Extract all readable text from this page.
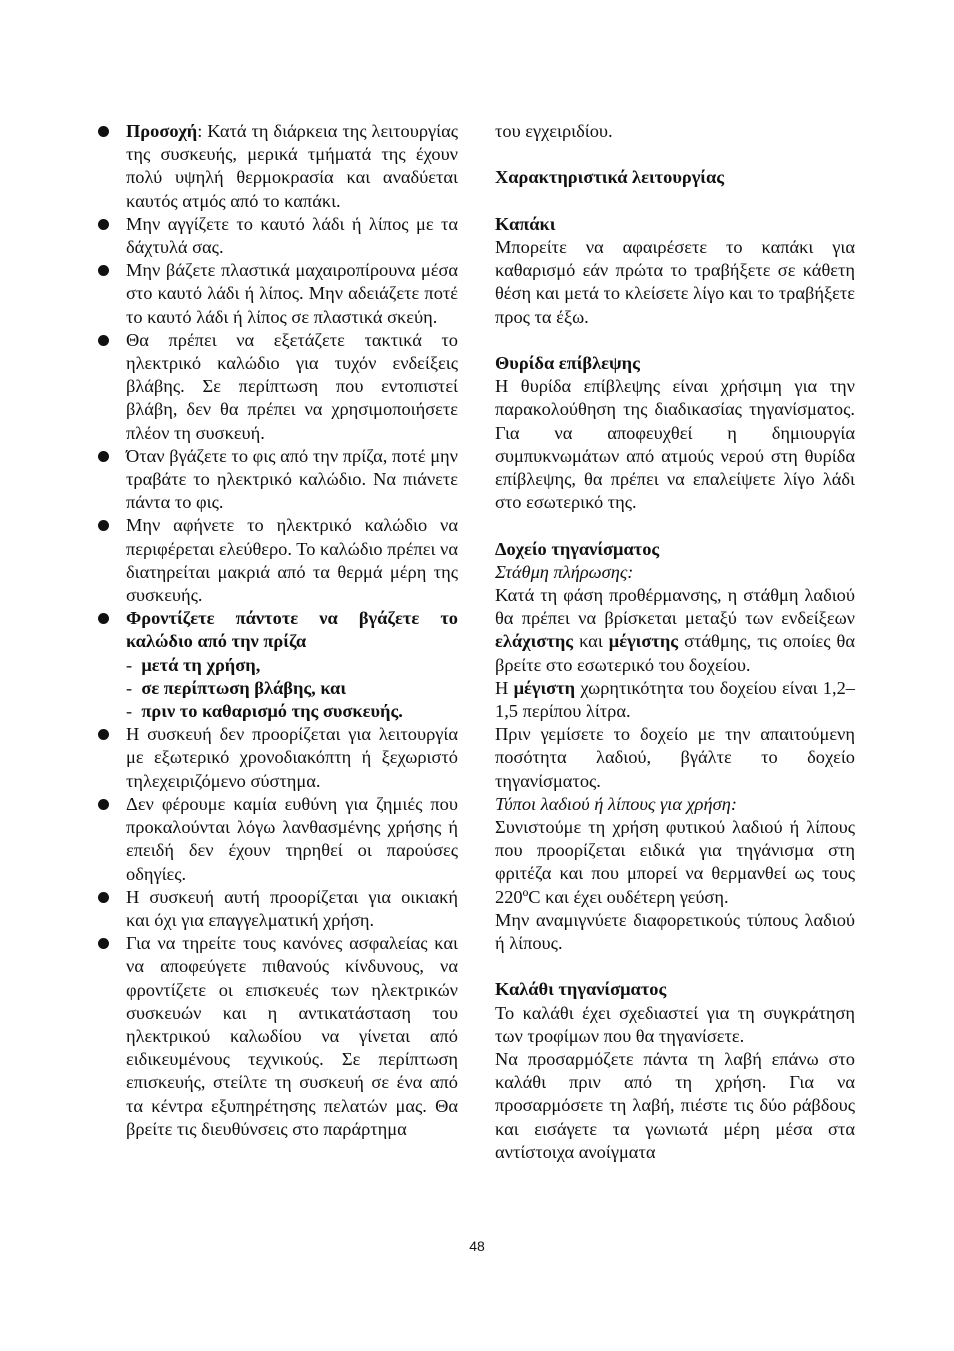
Προσοχή: Κατά τη διάρκεια της λειτουργίας της συσκευής, μερικά τμήματά της έχουν πολύ υψηλή θερμοκρασία και αναδύεται καυτός ατμός από το καπάκι.
Μην αγγίζετε το καυτό λάδι ή λίπος με τα δάχτυλά σας.
Μην βάζετε πλαστικά μαχαιροπίρουνα μέσα στο καυτό λάδι ή λίπος. Μην αδειάζετε ποτέ το καυτό λάδι ή λίπος σε πλαστικά σκεύη.
Θα πρέπει να εξετάζετε τακτικά το ηλεκτρικό καλώδιο για τυχόν ενδείξεις βλάβης. Σε περίπτωση που εντοπιστεί βλάβη, δεν θα πρέπει να χρησιμοποιήσετε πλέον τη συσκευή.
Όταν βγάζετε το φις από την πρίζα, ποτέ μην τραβάτε το ηλεκτρικό καλώδιο. Να πιάνετε πάντα το φις.
Μην αφήνετε το ηλεκτρικό καλώδιο να περιφέρεται ελεύθερο. Το καλώδιο πρέπει να διατηρείται μακριά από τα θερμά μέρη της συσκευής.
Φροντίζετε πάντοτε να βγάζετε το καλώδιο από την πρίζα
-  μετά τη χρήση,
-  σε περίπτωση βλάβης, και
-  πριν το καθαρισμό της συσκευής.
Η συσκευή δεν προορίζεται για λειτουργία με εξωτερικό χρονοδιακόπτη ή ξεχωριστό τηλεχειριζόμενο σύστημα.
Δεν φέρουμε καμία ευθύνη για ζημιές που προκαλούνται λόγω λανθασμένης χρήσης ή επειδή δεν έχουν τηρηθεί οι παρούσες οδηγίες.
Η συσκευή αυτή προορίζεται για οικιακή και όχι για επαγγελματική χρήση.
Για να τηρείτε τους κανόνες ασφαλείας και να αποφεύγετε πιθανούς κίνδυνους, να φροντίζετε οι επισκευές των ηλεκτρικών συσκευών και η αντικατάσταση του ηλεκτρικού καλωδίου να γίνεται από ειδικευμένους τεχνικούς. Σε περίπτωση επισκευής, στείλτε τη συσκευή σε ένα από τα κέντρα εξυπηρέτησης πελατών μας. Θα βρείτε τις διευθύνσεις στο παράρτημα

του εγχειριδίου.

Χαρακτηριστικά λειτουργίας

Καπάκι

Μπορείτε να αφαιρέσετε το καπάκι για καθαρισμό εάν πρώτα το τραβήξετε σε κάθετη θέση και μετά το κλείσετε λίγο και το τραβήξετε προς τα έξω.

Θυρίδα επίβλεψης

Η θυρίδα επίβλεψης είναι χρήσιμη για την παρακολούθηση της διαδικασίας τηγανίσματος. Για να αποφευχθεί η δημιουργία συμπυκνωμάτων από ατμούς νερού στη θυρίδα επίβλεψης, θα πρέπει να επαλείψετε λίγο λάδι στο εσωτερικό της.

Δοχείο τηγανίσματος

Στάθμη πλήρωσης:

Κατά τη φάση προθέρμανσης, η στάθμη λαδιού θα πρέπει να βρίσκεται μεταξύ των ενδείξεων ελάχιστης και μέγιστης στάθμης, τις οποίες θα βρείτε στο εσωτερικό του δοχείου.

Η μέγιστη χωρητικότητα του δοχείου είναι 1,2–1,5 περίπου λίτρα.

Πριν γεμίσετε το δοχείο με την απαιτούμενη ποσότητα λαδιού, βγάλτε το δοχείο τηγανίσματος.

Τύποι λαδιού ή λίπους για χρήση:

Συνιστούμε τη χρήση φυτικού λαδιού ή λίπους που προορίζεται ειδικά για τηγάνισμα στη φριτέζα και που μπορεί να θερμανθεί ως τους 220ºC και έχει ουδέτερη γεύση.

Μην αναμιγνύετε διαφορετικούς τύπους λαδιού ή λίπους.

Καλάθι τηγανίσματος

Το καλάθι έχει σχεδιαστεί για τη συγκράτηση των τροφίμων που θα τηγανίσετε.

Να προσαρμόζετε πάντα τη λαβή επάνω στο καλάθι πριν από τη χρήση. Για να προσαρμόσετε τη λαβή, πιέστε τις δύο ράβδους και εισάγετε τα γωνιωτά μέρη μέσα στα αντίστοιχα ανοίγματα

48
